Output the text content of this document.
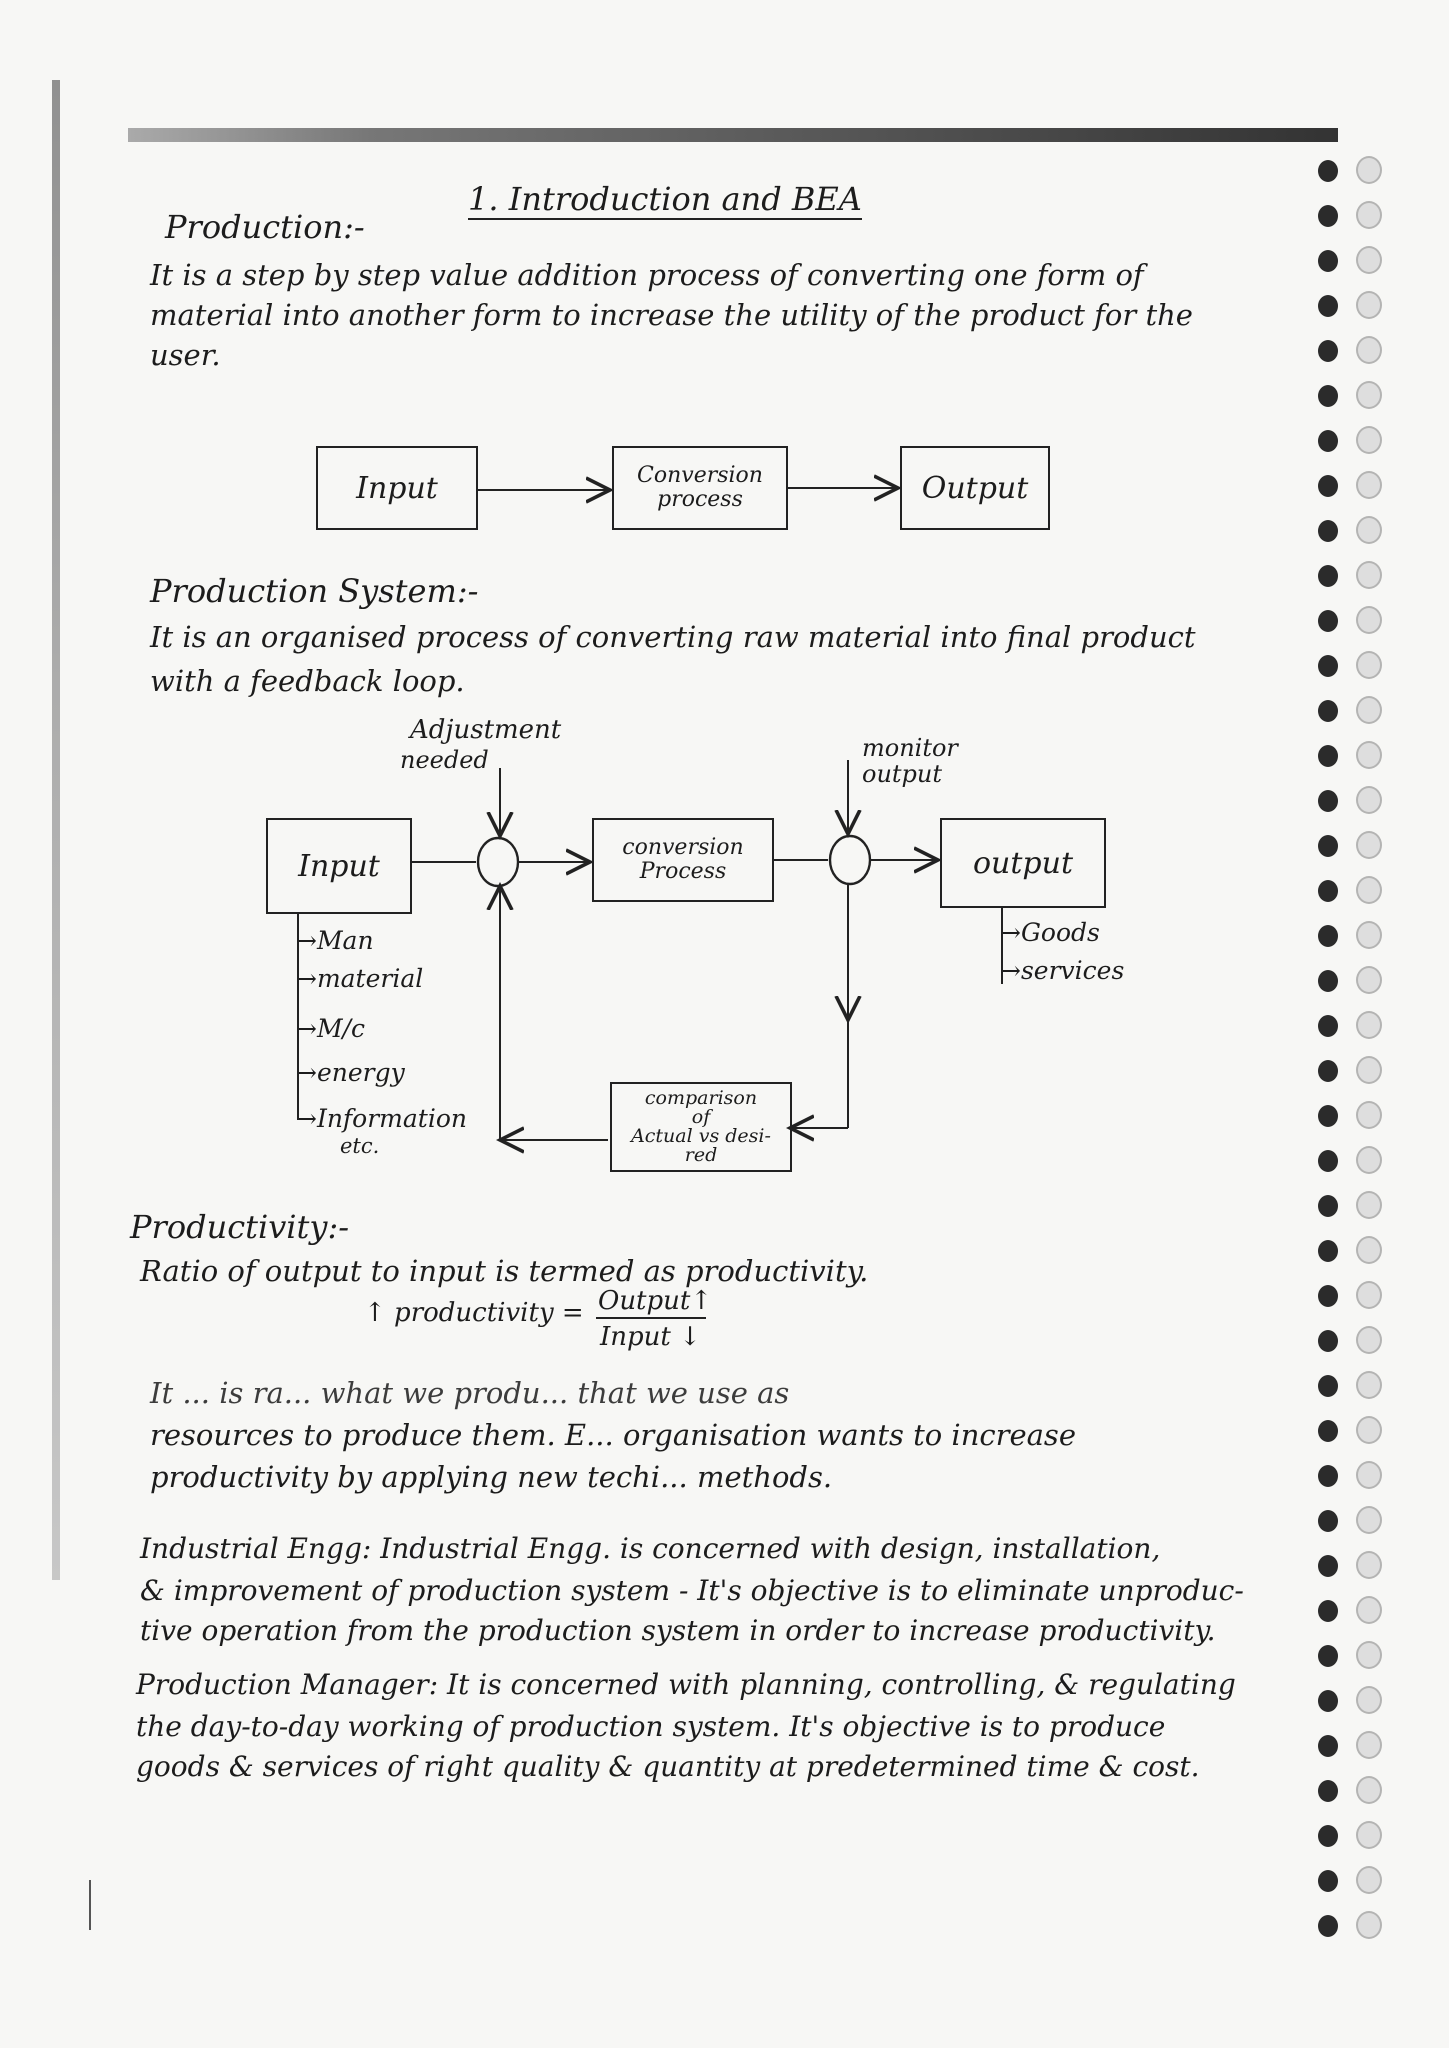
1. Introduction and BEA
Production:-
It is a step by step value addition process of converting one form of
material into another form to increase the utility of the product for the
user.
Input	Conversion
process	Output
Production System:-
It is an organised process of converting raw material into final product
with a feedback loop.
Adjustment
needed	monitor
output
Input
conversion
Process	output
comparison
of
Actual vs desi-
red
→Man
→material
→M/c
→energy
→Information
etc.
→Goods
→services
Productivity:-
Ratio of output to input is termed as productivity.
↑ productivity = Output↑
Input ↓
It ... is ra... what we produ... that we use as
resources to produce them. E... organisation wants to increase
productivity by applying new techi... methods.
Industrial Engg: Industrial Engg. is concerned with design, installation,
& improvement of production system - It's objective is to eliminate unproduc-
tive operation from the production system in order to increase productivity.
Production Manager: It is concerned with planning, controlling, & regulating
the day-to-day working of production system. It's objective is to produce
goods & services of right quality & quantity at predetermined time & cost.
